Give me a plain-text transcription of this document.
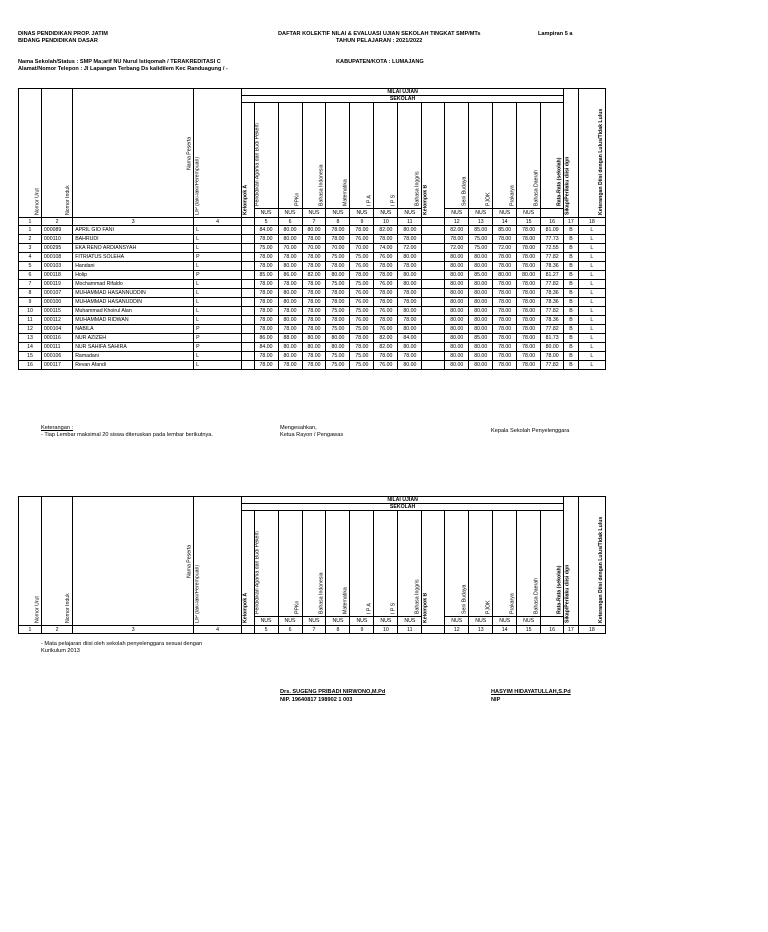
DINAS PENDIDIKAN PROP. JATIM
BIDANG PENDIDIKAN DASAR
DAFTAR KOLEKTIF NILAI & EVALUASI UJIAN SEKOLAH TINGKAT SMP/MTs
TAHUN PELAJARAN : 2021/2022
Lampiran 5 a
Nama Sekolah/Status : SMP Ma;arif NU Nurul Istiqomah / TERAKREDITASI C
Alamat/Nomor Telepon : Jl Lapangan Terbang Ds kalidilem Kec Randuagung / -
KABUPATEN/KOTA : LUMAJANG
Nomor Urut	Nomor Induk	Nama Peserta	L/P (laki-laki/Perempuan)	NILAI UJIAN														Sikap/Perilaku diisi dgn	Keterangan Diisi dengan Lulus/Tidak Lulus
				SEKOLAH															
				Kelompok A	Pendidikan Agama dan Budi Pekerti	PPKn	Bahasa Indonesia	Matematika	I P A	I P S	Bahasa Inggris	Kelompok B	Seni Budaya	PJOK	Prakarya	Bahasa Daerah	Rata-Rata (sekolah)		
					NUS	NUS	NUS	NUS	NUS	NUS	NUS		NUS	NUS	NUS	NUS			
1	2	3	4		5	6	7	8	9	10	11		12	13	14	15	16	17	18
1	000089	APRIL GIO FANI	L		84.00	80.00	80.00	78.00	78.00	82.00	80.00		82.00	85.00	85.00	78.00	81.09	B	L
2	000110	BAHRUDI	L		78.00	80.00	78.00	78.00	76.00	78.00	78.00		78.00	75.00	78.00	78.00	77.73	B	L
3	000295	EKA RENO ARDIANSYAH	L		75.00	70.00	70.00	70.00	70.00	74.00	72.00		72.00	75.00	72.00	78.00	72.55	B	L
4	000108	FITRIATUS SOLEHA	P		78.00	78.00	78.00	75.00	75.00	76.00	80.00		80.00	80.00	78.00	78.00	77.82	B	L
5	000103	Handani	L		78.00	80.00	78.00	78.00	76.00	78.00	78.00		80.00	80.00	78.00	78.00	78.36	B	L
6	000118	Holip	P		85.00	86.00	82.00	80.00	78.00	78.00	80.00		80.00	85.00	80.00	80.00	81.27	B	L
7	000119	Mochammad Rifaldo	L		78.00	78.00	78.00	75.00	75.00	76.00	80.00		80.00	80.00	78.00	78.00	77.82	B	L
8	000107	MUHAMMAD HASANNUDDIN	L		78.00	80.00	78.00	78.00	76.00	78.00	78.00		80.00	80.00	78.00	78.00	78.36	B	L
9	000100	MUHAMMAD HASANUDDIN	L		78.00	80.00	78.00	78.00	76.00	78.00	78.00		80.00	80.00	78.00	78.00	78.36	B	L
10	000115	Muhammad Khoirul Alan	L		78.00	78.00	78.00	75.00	75.00	76.00	80.00		80.00	80.00	78.00	78.00	77.82	B	L
11	000112	MUHAMMAD RIDWAN	L		78.00	80.00	78.00	78.00	76.00	78.00	78.00		80.00	80.00	78.00	78.00	78.36	B	L
12	000104	NABILA	P		78.00	78.00	78.00	75.00	75.00	76.00	80.00		80.00	80.00	78.00	78.00	77.82	B	L
13	000116	NUR AZIZEH	P		86.00	88.00	80.00	80.00	78.00	82.00	84.00		80.00	85.00	78.00	78.00	81.73	B	L
14	000111	NUR SAHIFA SAHIRA	P		84.00	80.00	80.00	80.00	78.00	82.00	80.00		80.00	80.00	78.00	78.00	80.00	B	L
15	000106	Ramadani	L		78.00	80.00	78.00	75.00	75.00	78.00	78.00		80.00	80.00	78.00	78.00	78.00	B	L
16	000117	Revan Afandi	L		78.00	78.00	78.00	75.00	75.00	76.00	80.00		80.00	80.00	78.00	78.00	77.82	B	L
Keterangan :
- Tiap Lembar maksimal 20 siswa diteruskan pada lembar berikutnya.
Mengesahkan,
Ketua Rayon / Pengawas
Kepala Sekolah Penyelenggara
Nomor Urut	Nomor Induk	Nama Peserta	L/P (laki-laki/Perempuan)	NILAI UJIAN														Sikap/Perilaku diisi dgn	Keterangan Diisi dengan Lulus/Tidak Lulus
				SEKOLAH															
				Kelompok A	Pendidikan Agama dan Budi Pekerti	PPKn	Bahasa Indonesia	Matematika	I P A	I P S	Bahasa Inggris	Kelompok B	Seni Budaya	PJOK	Prakarya	Bahasa Daerah	Rata-Rata (sekolah)		
					NUS	NUS	NUS	NUS	NUS	NUS	NUS		NUS	NUS	NUS	NUS			
1	2	3	4		5	6	7	8	9	10	11		12	13	14	15	16	17	18
- Mata pelajaran diisi oleh sekolah penyelenggara sesuai dengan
Kurikulum 2013
Drs. SUGENG PRIBADI NIRWONO,M.Pd
NIP. 19640817 198902 1 003
HASYIM HIDAYATULLAH,S.Pd
NIP
